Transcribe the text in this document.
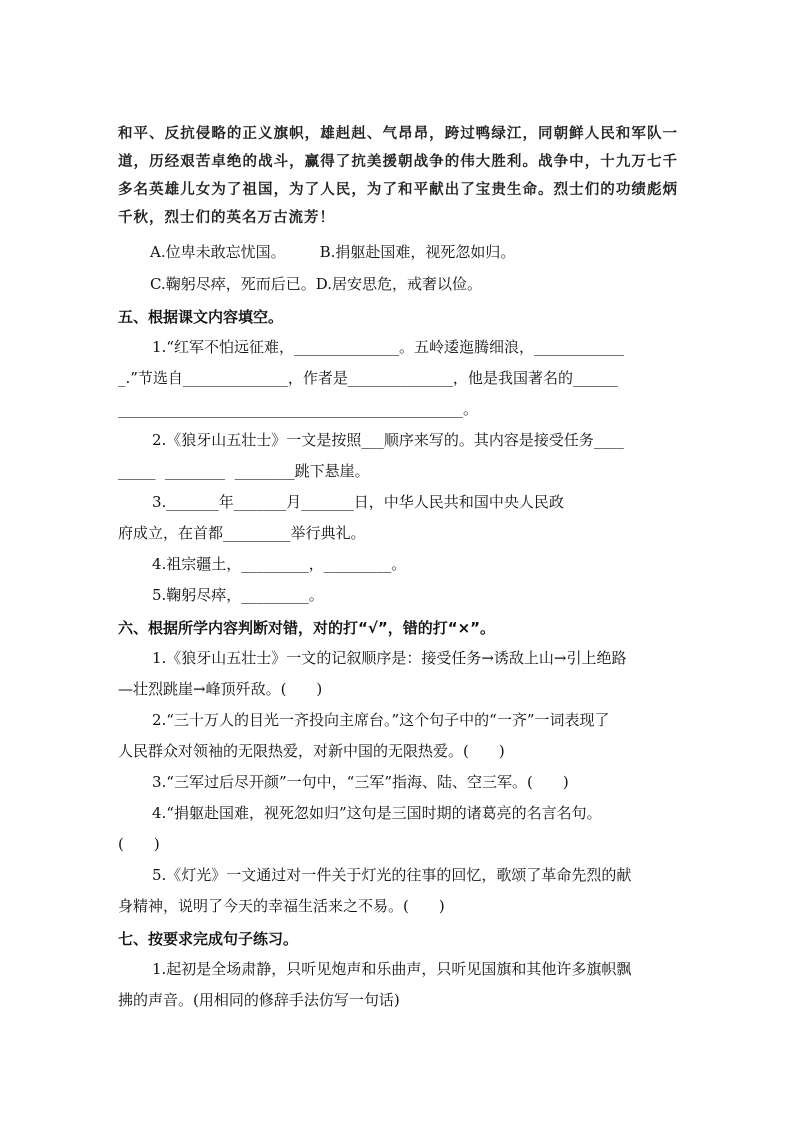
和平、反抗侵略的正义旗帜，雄赳赳、气昂昂，跨过鸭绿江，同朝鲜人民和军队一道，历经艰苦卓绝的战斗，赢得了抗美援朝战争的伟大胜利。战争中，十九万七千多名英雄儿女为了祖国，为了人民，为了和平献出了宝贵生命。烈士们的功绩彪炳千秋，烈士们的英名万古流芳！

A.位卑未敢忘忧国。 B.捐躯赴国难，视死忽如归。
C.鞠躬尽瘁，死而后已。D.居安思危，戒奢以俭。
五、根据课文内容填空。

1.“红军不怕远征难，______________。五岭逶迤腾细浪，____________

_.”节选自______________，作者是______________，他是我国著名的______

______________________________________________。

2.《狼牙山五壮士》一文是按照___顺序来写的。其内容是接受任务____

_____  ________  ________跳下悬崖。

3._______年_______月_______日，中华人民共和国中央人民政

府成立，在首都_________举行典礼。

4.祖宗疆土，_________，_________。

5.鞠躬尽瘁，_________。

六、根据所学内容判断对错，对的打“√”，错的打“×”。

1.《狼牙山五壮士》一文的记叙顺序是：接受任务→诱敌上山→引上绝路

—壮烈跳崖→峰顶歼敌。(　　)

2.“三十万人的目光一齐投向主席台。”这个句子中的“一齐”一词表现了

人民群众对领袖的无限热爱，对新中国的无限热爱。(　　)

3.“三军过后尽开颜”一句中，“三军”指海、陆、空三军。(　　)

4.“捐躯赴国难，视死忽如归”这句是三国时期的诸葛亮的名言名句。

(　　)

5.《灯光》一文通过对一件关于灯光的往事的回忆，歌颂了革命先烈的献

身精神，说明了今天的幸福生活来之不易。(　　)

七、按要求完成句子练习。

1.起初是全场肃静，只听见炮声和乐曲声，只听见国旗和其他许多旗帜飘

拂的声音。(用相同的修辞手法仿写一句话)
